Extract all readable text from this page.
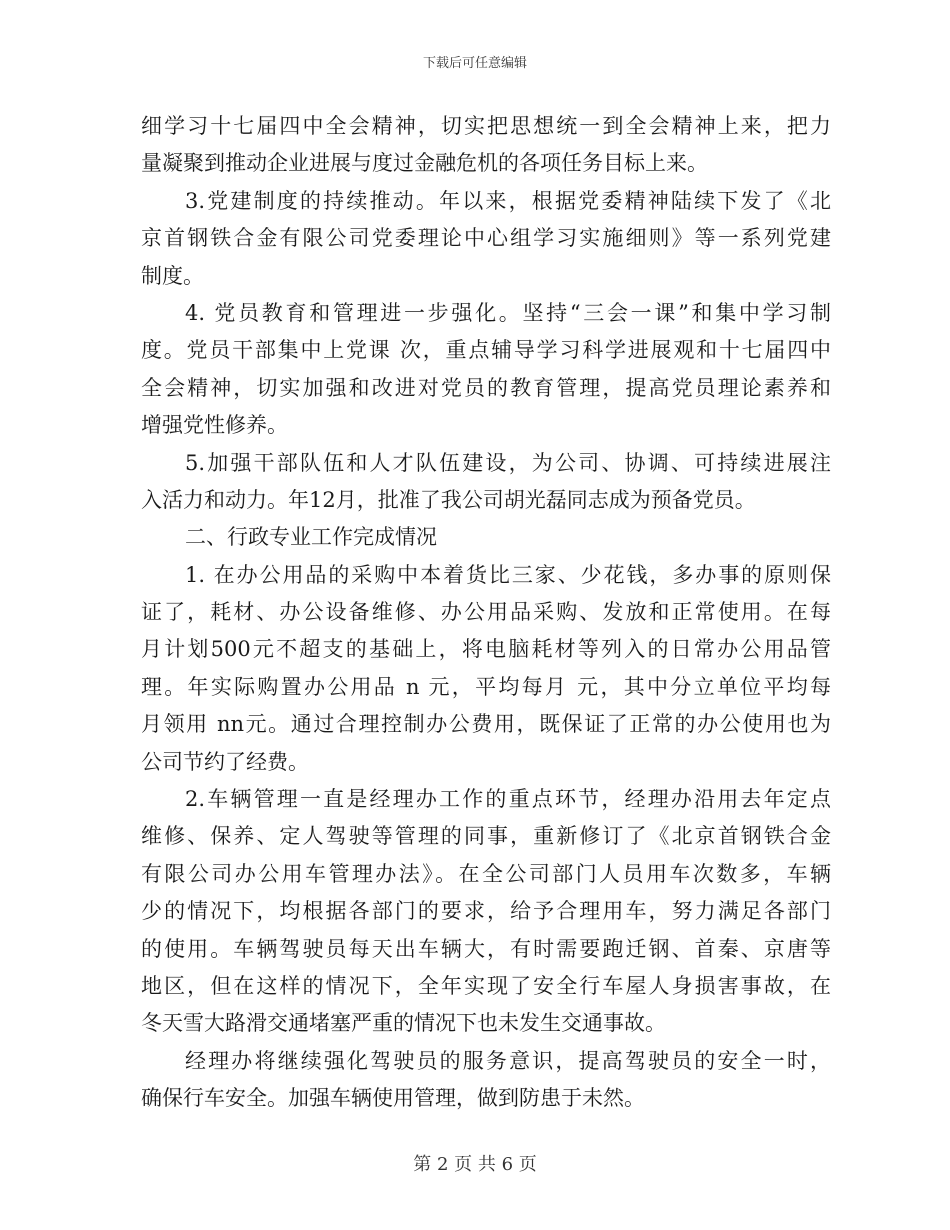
下载后可任意编辑
细学习十七届四中全会精神，切实把思想统一到全会精神上来，把力
量凝聚到推动企业进展与度过金融危机的各项任务目标上来。
3.党建制度的持续推动。年以来，根据党委精神陆续下发了《北
京首钢铁合金有限公司党委理论中心组学习实施细则》等一系列党建
制度。
4. 党员教育和管理进一步强化。坚持“三会一课”和集中学习制
度。党员干部集中上党课 次，重点辅导学习科学进展观和十七届四中
全会精神，切实加强和改进对党员的教育管理，提高党员理论素养和
增强党性修养。
5.加强干部队伍和人才队伍建设，为公司、协调、可持续进展注
入活力和动力。年12月，批准了我公司胡光磊同志成为预备党员。
二、行政专业工作完成情况
1. 在办公用品的采购中本着货比三家、少花钱，多办事的原则保
证了，耗材、办公设备维修、办公用品采购、发放和正常使用。在每
月计划500元不超支的基础上，将电脑耗材等列入的日常办公用品管
理。年实际购置办公用品 n 元，平均每月 元，其中分立单位平均每
月领用 nn元。通过合理控制办公费用，既保证了正常的办公使用也为
公司节约了经费。
2.车辆管理一直是经理办工作的重点环节，经理办沿用去年定点
维修、保养、定人驾驶等管理的同事，重新修订了《北京首钢铁合金
有限公司办公用车管理办法》。在全公司部门人员用车次数多，车辆
少的情况下，均根据各部门的要求，给予合理用车，努力满足各部门
的使用。车辆驾驶员每天出车辆大，有时需要跑迁钢、首秦、京唐等
地区，但在这样的情况下，全年实现了安全行车屋人身损害事故，在
冬天雪大路滑交通堵塞严重的情况下也未发生交通事故。
经理办将继续强化驾驶员的服务意识，提高驾驶员的安全一时，
确保行车安全。加强车辆使用管理，做到防患于未然。
第 2 页 共 6 页
